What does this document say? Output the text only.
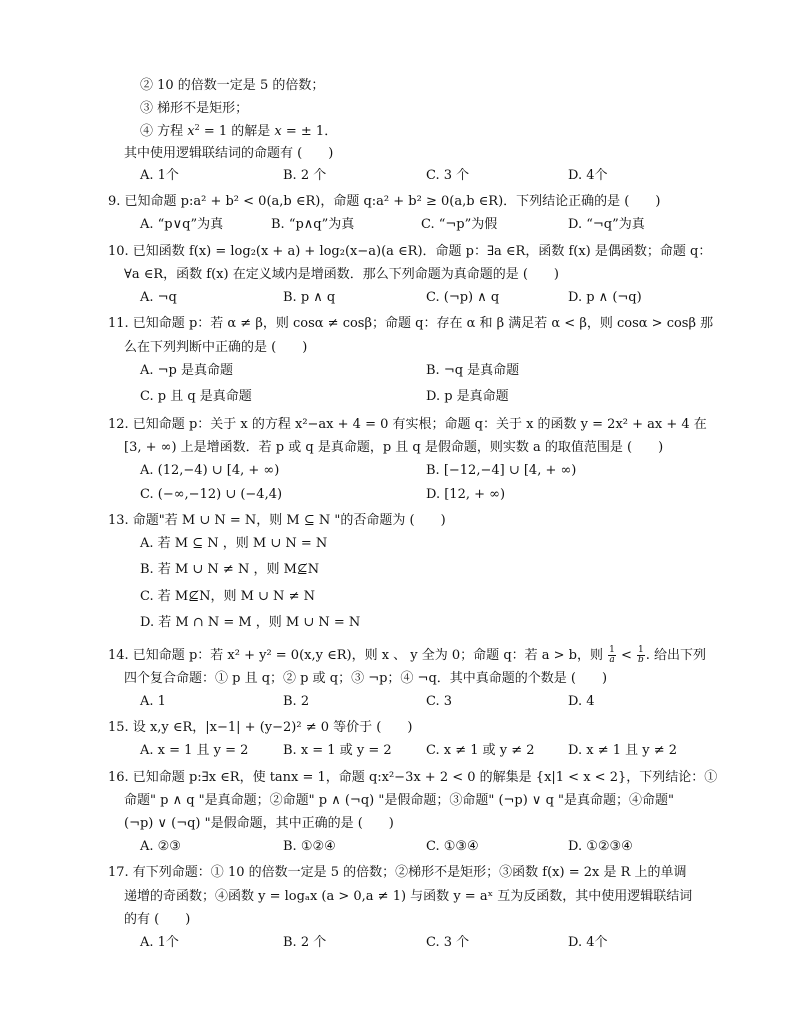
② 10 的倍数一定是 5 的倍数；
③ 梯形不是矩形；
④ 方程 $x^2 = 1$ 的解是 x = ± 1．
其中使用逻辑联结词的命题有 (　　)
A. 1个	B. 2 个	C. 3 个	D. 4个
9. 已知命题 p:a² + b² < 0(a,b ∈R)，命题 q:a² + b² ≥ 0(a,b ∈R)．下列结论正确的是 (　　)
A. “p∨q”为真	B. “p∧q”为真	C. “¬p”为假	D. “¬q”为真
10. 已知函数 f(x) = log₂(x + a) + log₂(x−a)(a ∈R)．命题 p：∃a ∈R，函数 f(x) 是偶函数；命题 q：
∀a ∈R，函数 f(x) 在定义域内是增函数．那么下列命题为真命题的是 (　　)
A. ¬q	B. p ∧ q	C. (¬p) ∧ q	D. p ∧ (¬q)
11. 已知命题 p：若 α ≠ β，则 cosα ≠ cosβ；命题 q：存在 α 和 β 满足若 α < β，则 cosα > cosβ 那
么在下列判断中正确的是 (　　)
A. ¬p 是真命题	B. ¬q 是真命题
C. p 且 q 是真命题	D. p 是真命题
12. 已知命题 p：关于 x 的方程 x²−ax + 4 = 0 有实根；命题 q：关于 x 的函数 y = 2x² + ax + 4 在
[3, + ∞) 上是增函数．若 p 或 q 是真命题，p 且 q 是假命题，则实数 a 的取值范围是 (　　)
A. (12,−4) ∪ [4, + ∞)	B. [−12,−4] ∪ [4, + ∞)
C. (−∞,−12) ∪ (−4,4)	D. [12, + ∞)
13. 命题"若 M ∪ N = N，则 M ⊆ N "的否命题为 (　　)
A. 若 M ⊆ N ，则 M ∪ N = N
B. 若 M ∪ N ≠ N ，则 M⊈N
C. 若 M⊈N，则 M ∪ N ≠ N
D. 若 M ∩ N = M ，则 M ∪ N = N
14. 已知命题 p：若 x² + y² = 0(x,y ∈R)，则 x 、 y 全为 0；命题 q：若 a > b，则 $\frac{1}{a} < \frac{1}{b}$ . 给出下列
四个复合命题：① p 且 q；② p 或 q；③ ¬p；④ ¬q．其中真命题的个数是 (　　)
A. 1	B. 2	C. 3	D. 4
15. 设 x,y ∈R，|x−1| + (y−2)² ≠ 0 等价于 (　　)
A. x = 1 且 y = 2	B. x = 1 或 y = 2	C. x ≠ 1 或 y ≠ 2	D. x ≠ 1 且 y ≠ 2
16. 已知命题 p:∃x ∈R，使 tanx = 1，命题 q:x²−3x + 2 < 0 的解集是 {x|1 < x < 2}，下列结论：①
命题" p ∧ q "是真命题；②命题" p ∧ (¬q) "是假命题；③命题" (¬p) ∨ q "是真命题；④命题"
(¬p) ∨ (¬q) "是假命题，其中正确的是 (　　)
A. ②③	B. ①②④	C. ①③④	D. ①②③④
17. 有下列命题：① 10 的倍数一定是 5 的倍数；②梯形不是矩形；③函数 f(x) = 2x 是 R 上的单调
递增的奇函数；④函数 y = logₐx (a > 0,a ≠ 1) 与函数 y = aˣ 互为反函数，其中使用逻辑联结词
的有 (　　)
A. 1个	B. 2 个	C. 3 个	D. 4个
